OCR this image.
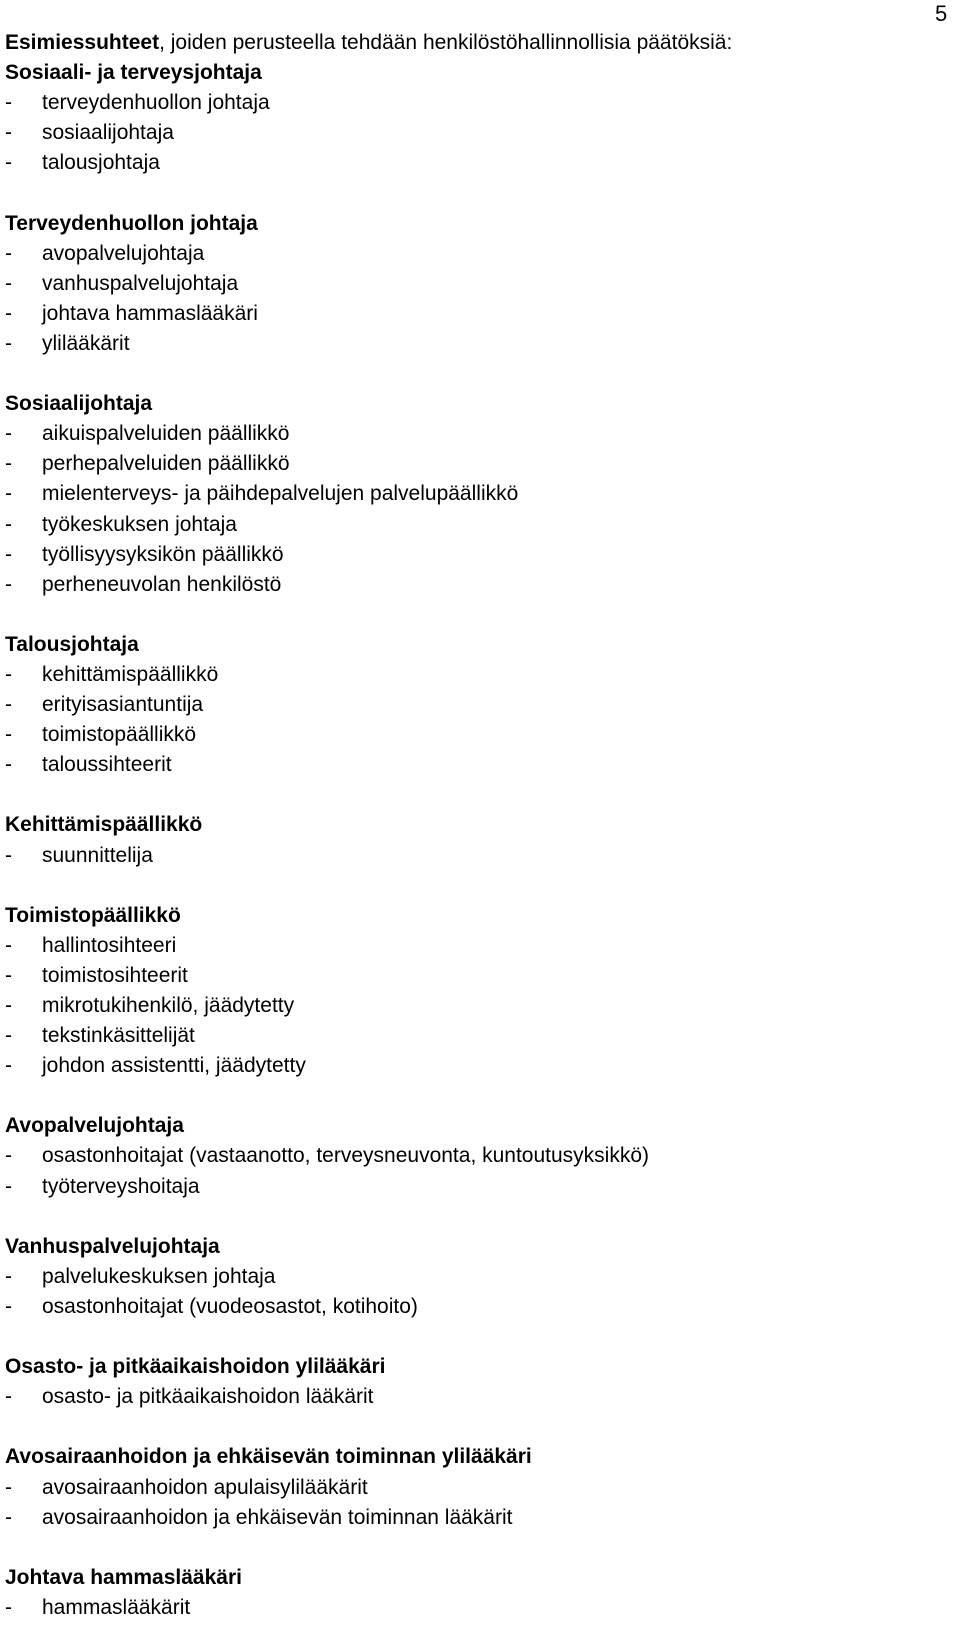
5

Esimiessuhteet, joiden perusteella tehdään henkilöstöhallinnollisia päätöksiä:

Sosiaali- ja terveysjohtaja
- terveydenhuollon johtaja
- sosiaalijohtaja
- talousjohtaja
Terveydenhuollon johtaja
- avopalvelujohtaja
- vanhuspalvelujohtaja
- johtava hammaslääkäri
- ylilääkärit
Sosiaalijohtaja
- aikuispalveluiden päällikkö
- perhepalveluiden päällikkö
- mielenterveys- ja päihdepalvelujen palvelupäällikkö
- työkeskuksen johtaja
- työllisyysyksikön päällikkö
- perheneuvolan henkilöstö
Talousjohtaja
- kehittämispäällikkö
- erityisasiantuntija
- toimistopäällikkö
- taloussihteerit
Kehittämispäällikkö
- suunnittelija
Toimistopäällikkö
- hallintosihteeri
- toimistosihteerit
- mikrotukihenkilö, jäädytetty
- tekstinkäsittelijät
- johdon assistentti, jäädytetty
Avopalvelujohtaja
- osastonhoitajat (vastaanotto, terveysneuvonta, kuntoutusyksikkö)
- työterveyshoitaja
Vanhuspalvelujohtaja
- palvelukeskuksen johtaja
- osastonhoitajat (vuodeosastot, kotihoito)
Osasto- ja pitkäaikaishoidon ylilääkäri
- osasto- ja pitkäaikaishoidon lääkärit
Avosairaanhoidon ja ehkäisevän toiminnan ylilääkäri
- avosairaanhoidon apulaisylilääkärit
- avosairaanhoidon ja ehkäisevän toiminnan lääkärit
Johtava hammaslääkäri
- hammaslääkärit
